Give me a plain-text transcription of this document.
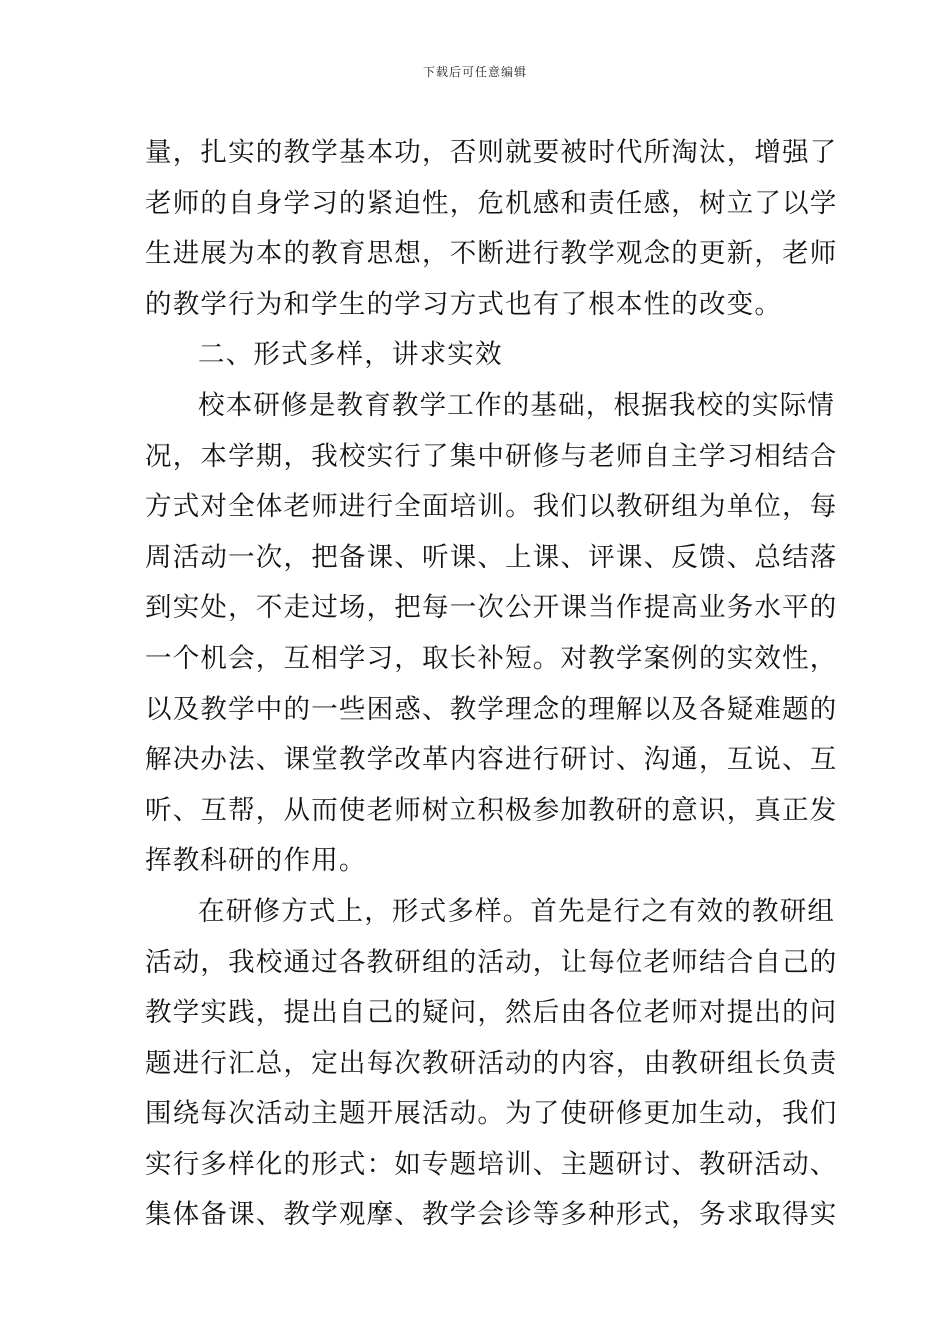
下载后可任意编辑
量，扎实的教学基本功，否则就要被时代所淘汰，增强了
老师的自身学习的紧迫性，危机感和责任感，树立了以学
生进展为本的教育思想，不断进行教学观念的更新，老师
的教学行为和学生的学习方式也有了根本性的改变。
二、形式多样，讲求实效
校本研修是教育教学工作的基础，根据我校的实际情
况，本学期，我校实行了集中研修与老师自主学习相结合
方式对全体老师进行全面培训。我们以教研组为单位，每
周活动一次，把备课、听课、上课、评课、反馈、总结落
到实处，不走过场，把每一次公开课当作提高业务水平的
一个机会，互相学习，取长补短。对教学案例的实效性，
以及教学中的一些困惑、教学理念的理解以及各疑难题的
解决办法、课堂教学改革内容进行研讨、沟通，互说、互
听、互帮，从而使老师树立积极参加教研的意识，真正发
挥教科研的作用。
在研修方式上，形式多样。首先是行之有效的教研组
活动，我校通过各教研组的活动，让每位老师结合自己的
教学实践，提出自己的疑问，然后由各位老师对提出的问
题进行汇总，定出每次教研活动的内容，由教研组长负责
围绕每次活动主题开展活动。为了使研修更加生动，我们
实行多样化的形式：如专题培训、主题研讨、教研活动、
集体备课、教学观摩、教学会诊等多种形式，务求取得实
